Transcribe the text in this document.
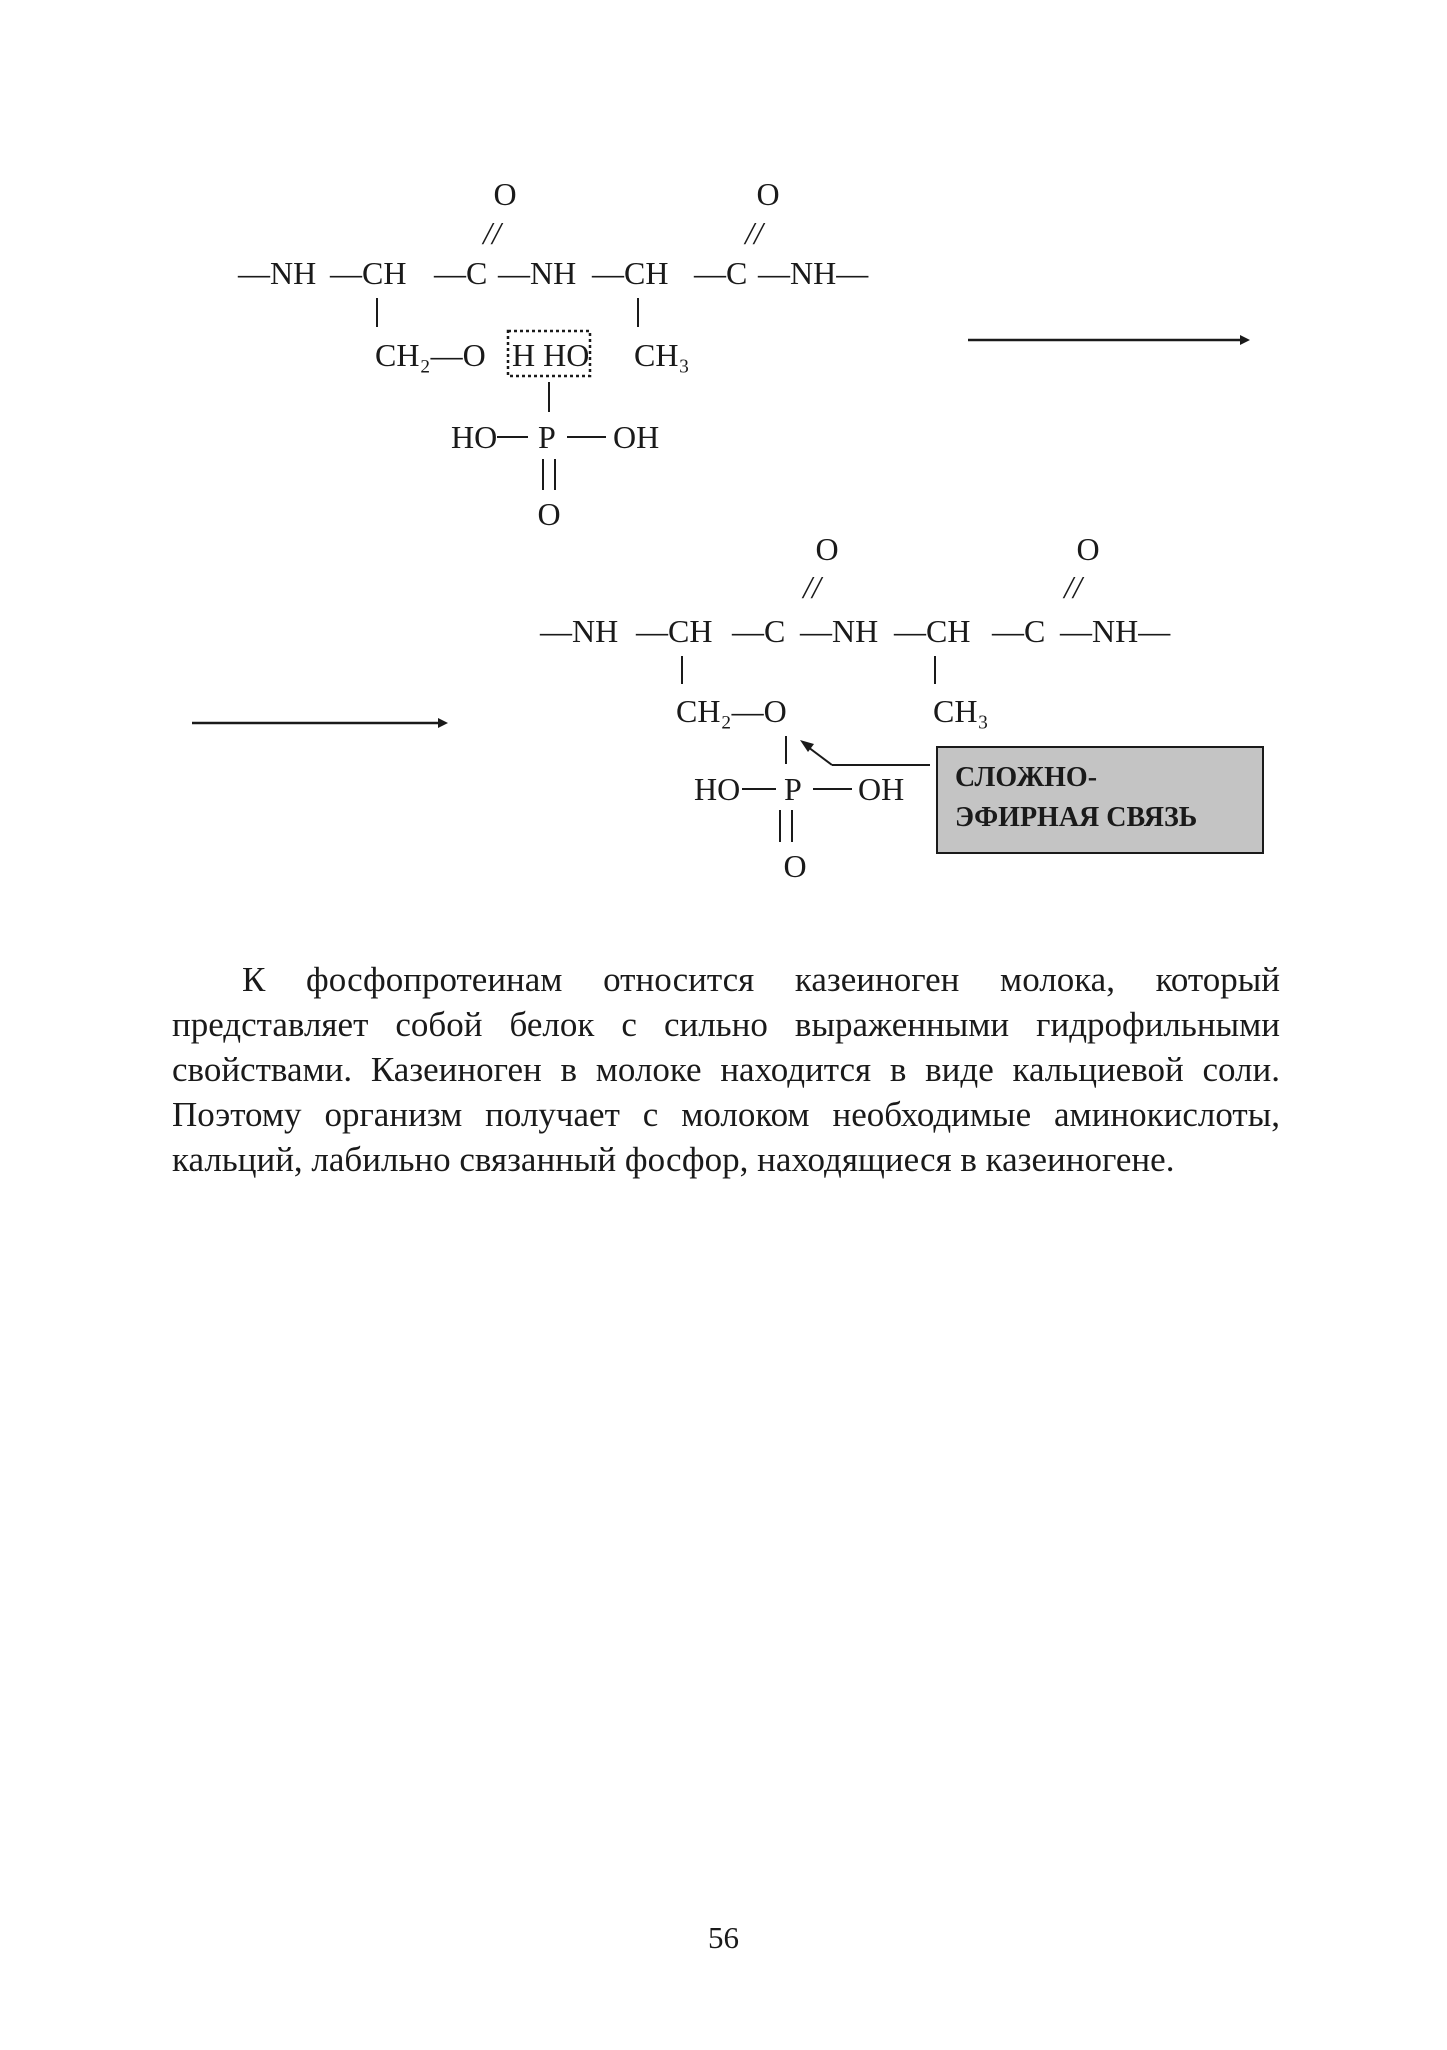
O	O
//	//
—NH —CH —C —NH —CH —C —NH—
CH₂—O	CH₃
H HO
HO P OH
O
O	O
//	//
—NH —CH —C —NH —CH —C —NH—
CH₂—O	CH₃
HO P OH
O
СЛОЖНО-
ЭФИРНАЯ СВЯЗЬ

К фосфопротеинам относится казеиноген молока, который представляет собой белок с сильно выраженными гидрофильными свойствами. Казеиноген в молоке находится в виде кальциевой соли. Поэтому организм получает с молоком необходимые аминокислоты, кальций, лабильно связанный фосфор, находящиеся в казеиногене.

56
